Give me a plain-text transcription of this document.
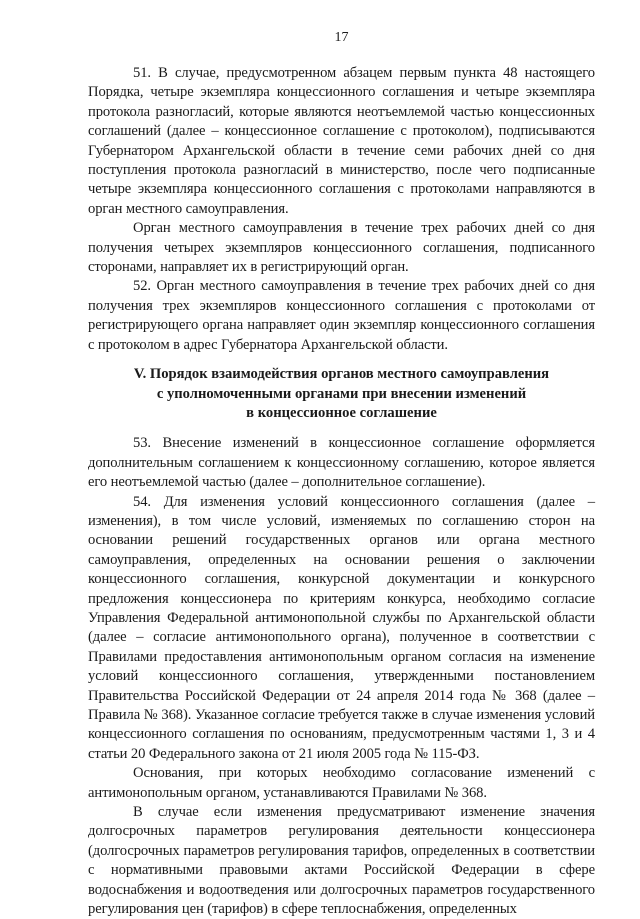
17

51. В случае, предусмотренном абзацем первым пункта 48 настоящего Порядка, четыре экземпляра концессионного соглашения и четыре экземпляра протокола разногласий, которые являются неотъемлемой частью концессионных соглашений (далее – концессионное соглашение с протоколом), подписываются Губернатором Архангельской области в течение семи рабочих дней со дня поступления протокола разногласий в министерство, после чего подписанные четыре экземпляра концессионного соглашения с протоколами направляются в орган местного самоуправления.

Орган местного самоуправления в течение трех рабочих дней со дня получения четырех экземпляров концессионного соглашения, подписанного сторонами, направляет их в регистрирующий орган.

52. Орган местного самоуправления в течение трех рабочих дней со дня получения трех экземпляров концессионного соглашения с протоколами от регистрирующего органа направляет один экземпляр концессионного соглашения с протоколом в адрес Губернатора Архангельской области.

V. Порядок взаимодействия органов местного самоуправления
с уполномоченными органами при внесении изменений
в концессионное соглашение

53. Внесение изменений в концессионное соглашение оформляется дополнительным соглашением к концессионному соглашению, которое является его неотъемлемой частью (далее – дополнительное соглашение).

54. Для изменения условий концессионного соглашения (далее – изменения), в том числе условий, изменяемых по соглашению сторон на основании решений государственных органов или органа местного самоуправления, определенных на основании решения о заключении концессионного соглашения, конкурсной документации и конкурсного предложения концессионера по критериям конкурса, необходимо согласие Управления Федеральной антимонопольной службы по Архангельской области (далее – согласие антимонопольного органа), полученное в соответствии с Правилами предоставления антимонопольным органом согласия на изменение условий концессионного соглашения, утвержденными постановлением Правительства Российской Федерации от 24 апреля 2014 года № 368 (далее – Правила № 368). Указанное согласие требуется также в случае изменения условий концессионного соглашения по основаниям, предусмотренным частями 1, 3 и 4 статьи 20 Федерального закона от 21 июля 2005 года № 115-ФЗ.

Основания, при которых необходимо согласование изменений с антимонопольным органом, устанавливаются Правилами № 368.

В случае если изменения предусматривают изменение значения долгосрочных параметров регулирования деятельности концессионера (долгосрочных параметров регулирования тарифов, определенных в соответствии с нормативными правовыми актами Российской Федерации в сфере водоснабжения и водоотведения или долгосрочных параметров государственного регулирования цен (тарифов) в сфере теплоснабжения, определенных
